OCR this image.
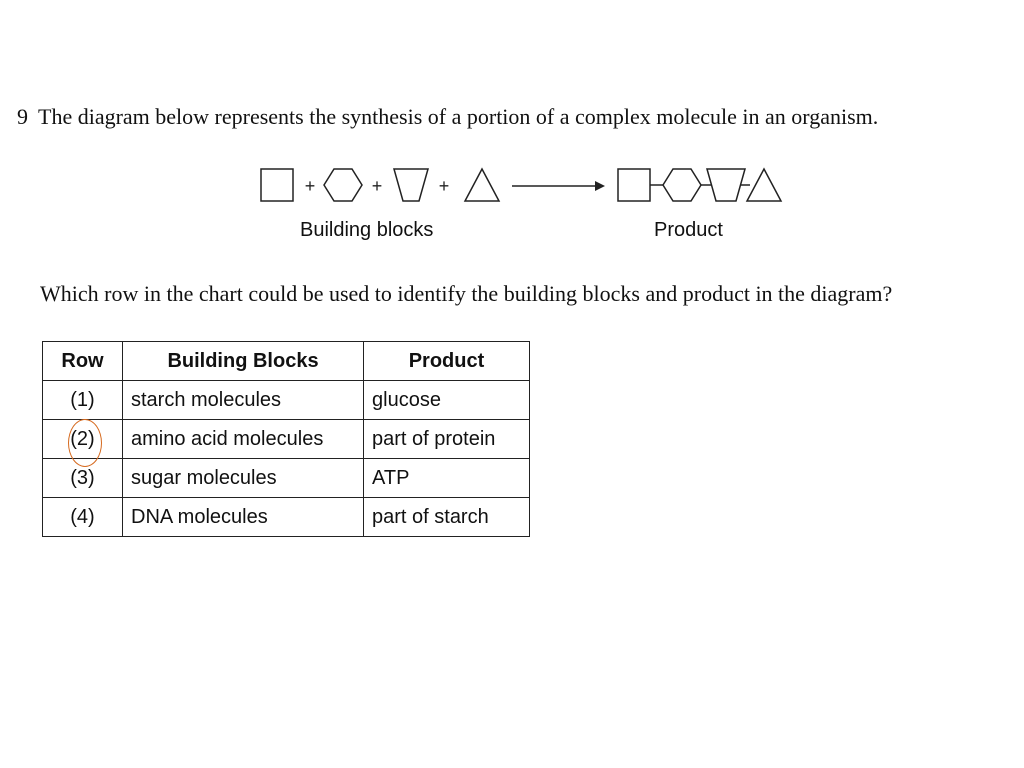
9 The diagram below represents the synthesis of a portion of a complex molecule in an organism.
+	+	+
Building blocks	Product
Which row in the chart could be used to identify the building blocks and product in the diagram?
Row	Building Blocks	Product
(1)	starch molecules	glucose
(2)	amino acid molecules	part of protein
(3)	sugar molecules	ATP
(4)	DNA molecules	part of starch
